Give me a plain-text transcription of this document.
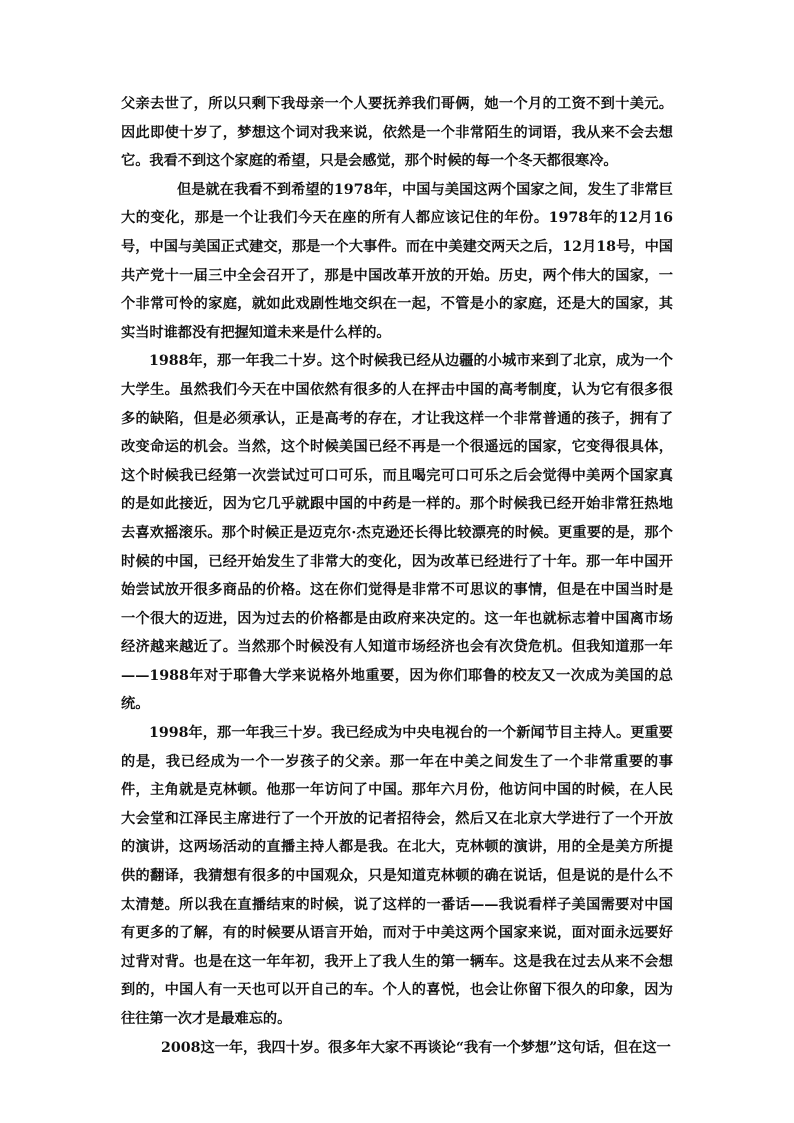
父亲去世了，所以只剩下我母亲一个人要抚养我们哥俩，她一个月的工资不到十美元。因此即使十岁了，梦想这个词对我来说，依然是一个非常陌生的词语，我从来不会去想它。我看不到这个家庭的希望，只是会感觉，那个时候的每一个冬天都很寒冷。

但是就在我看不到希望的1978年，中国与美国这两个国家之间，发生了非常巨大的变化，那是一个让我们今天在座的所有人都应该记住的年份。1978年的12月16号，中国与美国正式建交，那是一个大事件。而在中美建交两天之后，12月18号，中国共产党十一届三中全会召开了，那是中国改革开放的开始。历史，两个伟大的国家，一个非常可怜的家庭，就如此戏剧性地交织在一起，不管是小的家庭，还是大的国家，其实当时谁都没有把握知道未来是什么样的。

1988年，那一年我二十岁。这个时候我已经从边疆的小城市来到了北京，成为一个大学生。虽然我们今天在中国依然有很多的人在抨击中国的高考制度，认为它有很多很多的缺陷，但是必须承认，正是高考的存在，才让我这样一个非常普通的孩子，拥有了改变命运的机会。当然，这个时候美国已经不再是一个很遥远的国家，它变得很具体，这个时候我已经第一次尝试过可口可乐，而且喝完可口可乐之后会觉得中美两个国家真的是如此接近，因为它几乎就跟中国的中药是一样的。那个时候我已经开始非常狂热地去喜欢摇滚乐。那个时候正是迈克尔·杰克逊还长得比较漂亮的时候。更重要的是，那个时候的中国，已经开始发生了非常大的变化，因为改革已经进行了十年。那一年中国开始尝试放开很多商品的价格。这在你们觉得是非常不可思议的事情，但是在中国当时是一个很大的迈进，因为过去的价格都是由政府来决定的。这一年也就标志着中国离市场经济越来越近了。当然那个时候没有人知道市场经济也会有次贷危机。但我知道那一年——1988年对于耶鲁大学来说格外地重要，因为你们耶鲁的校友又一次成为美国的总统。

1998年，那一年我三十岁。我已经成为中央电视台的一个新闻节目主持人。更重要的是，我已经成为一个一岁孩子的父亲。那一年在中美之间发生了一个非常重要的事件，主角就是克林顿。他那一年访问了中国。那年六月份，他访问中国的时候，在人民大会堂和江泽民主席进行了一个开放的记者招待会，然后又在北京大学进行了一个开放的演讲，这两场活动的直播主持人都是我。在北大，克林顿的演讲，用的全是美方所提供的翻译，我猜想有很多的中国观众，只是知道克林顿的确在说话，但是说的是什么不太清楚。所以我在直播结束的时候，说了这样的一番话——我说看样子美国需要对中国有更多的了解，有的时候要从语言开始，而对于中美这两个国家来说，面对面永远要好过背对背。也是在这一年年初，我开上了我人生的第一辆车。这是我在过去从来不会想到的，中国人有一天也可以开自己的车。个人的喜悦，也会让你留下很久的印象，因为往往第一次才是最难忘的。

2008这一年，我四十岁。很多年大家不再谈论“我有一个梦想”这句话，但在这一
